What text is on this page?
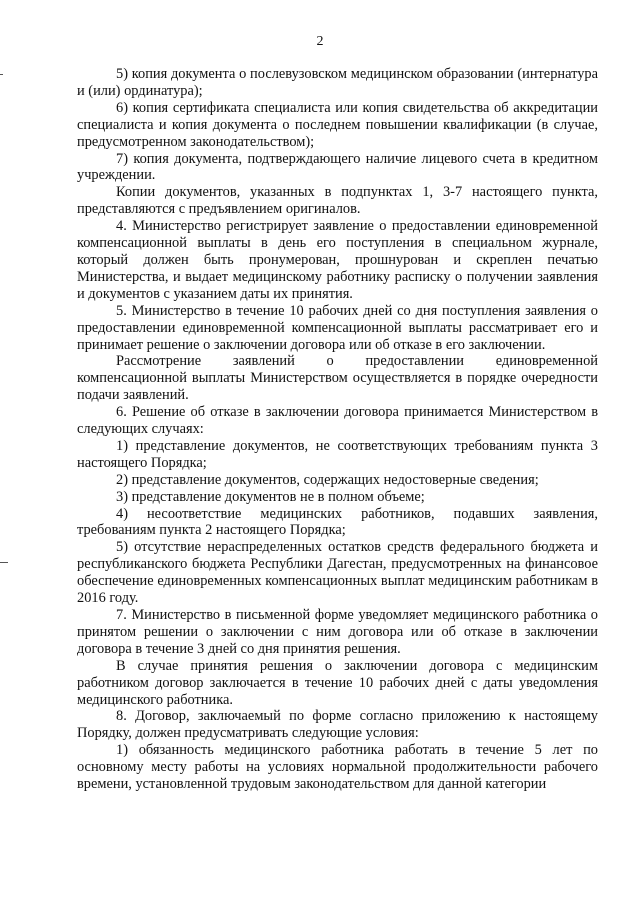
2

5) копия документа о послевузовском медицинском образовании (интернатура и (или) ординатура);

6) копия сертификата специалиста или копия свидетельства об аккредитации специалиста и копия документа о последнем повышении квалификации (в случае, предусмотренном законодательством);

7) копия документа, подтверждающего наличие лицевого счета в кредитном учреждении.

Копии документов, указанных в подпунктах 1, 3-7 настоящего пункта, представляются с предъявлением оригиналов.

4. Министерство регистрирует заявление о предоставлении единовременной компенсационной выплаты в день его поступления в специальном журнале, который должен быть пронумерован, прошнурован и скреплен печатью Министерства, и выдает медицинскому работнику расписку о получении заявления и документов с указанием даты их принятия.

5. Министерство в течение 10 рабочих дней со дня поступления заявления о предоставлении единовременной компенсационной выплаты рассматривает его и принимает решение о заключении договора или об отказе в его заключении.

Рассмотрение заявлений о предоставлении единовременной компенсационной выплаты Министерством осуществляется в порядке очередности подачи заявлений.

6. Решение об отказе в заключении договора принимается Министерством в следующих случаях:

1) представление документов, не соответствующих требованиям пункта 3 настоящего Порядка;

2) представление документов, содержащих недостоверные сведения;

3) представление документов не в полном объеме;

4) несоответствие медицинских работников, подавших заявления, требованиям пункта 2 настоящего Порядка;

5) отсутствие нераспределенных остатков средств федерального бюджета и республиканского бюджета Республики Дагестан, предусмотренных на финансовое обеспечение единовременных компенсационных выплат медицинским работникам в 2016 году.

7. Министерство в письменной форме уведомляет медицинского работника о принятом решении о заключении с ним договора или об отказе в заключении договора в течение 3 дней со дня принятия решения.

В случае принятия решения о заключении договора с медицинским работником договор заключается в течение 10 рабочих дней с даты уведомления медицинского работника.

8. Договор, заключаемый по форме согласно приложению к настоящему Порядку, должен предусматривать следующие условия:

1) обязанность медицинского работника работать в течение 5 лет по основному месту работы на условиях нормальной продолжительности рабочего времени, установленной трудовым законодательством для данной категории
